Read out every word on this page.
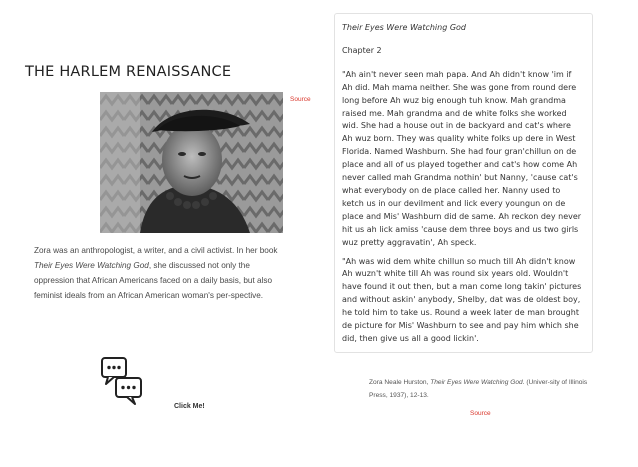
THE HARLEM RENAISSANCE
Source

Zora was an anthropologist, a writer, and a civil activist. In her book Their Eyes Were Watching God, she discussed not only the oppression that African Americans faced on a daily basis, but also feminist ideals from an African American woman's per-spective.

Click Me!

Their Eyes Were Watching God

Chapter 2

"Ah ain't never seen mah papa. And Ah didn't know 'im if Ah did. Mah mama neither. She was gone from round dere long before Ah wuz big enough tuh know. Mah grandma raised me. Mah grandma and de white folks she worked wid. She had a house out in de backyard and cat's where Ah wuz born. They was quality white folks up dere in West Florida. Named Washburn. She had four gran'chillun on de place and all of us played together and cat's how come Ah never called mah Grandma nothin' but Nanny, 'cause cat's what everybody on de place called her. Nanny used to ketch us in our devilment and lick every youngun on de place and Mis' Washburn did de same. Ah reckon dey never hit us ah lick amiss 'cause dem three boys and us two girls wuz pretty aggravatin', Ah speck.

"Ah was wid dem white chillun so much till Ah didn't know Ah wuzn't white till Ah was round six years old. Wouldn't have found it out then, but a man come long takin' pictures and without askin' anybody, Shelby, dat was de oldest boy, he told him to take us. Round a week later de man brought de picture for Mis' Washburn to see and pay him which she did, then give us all a good lickin'.

Zora Neale Hurston, Their Eyes Were Watching God. (Univer-sity of Illinois Press, 1937), 12-13.

Source
